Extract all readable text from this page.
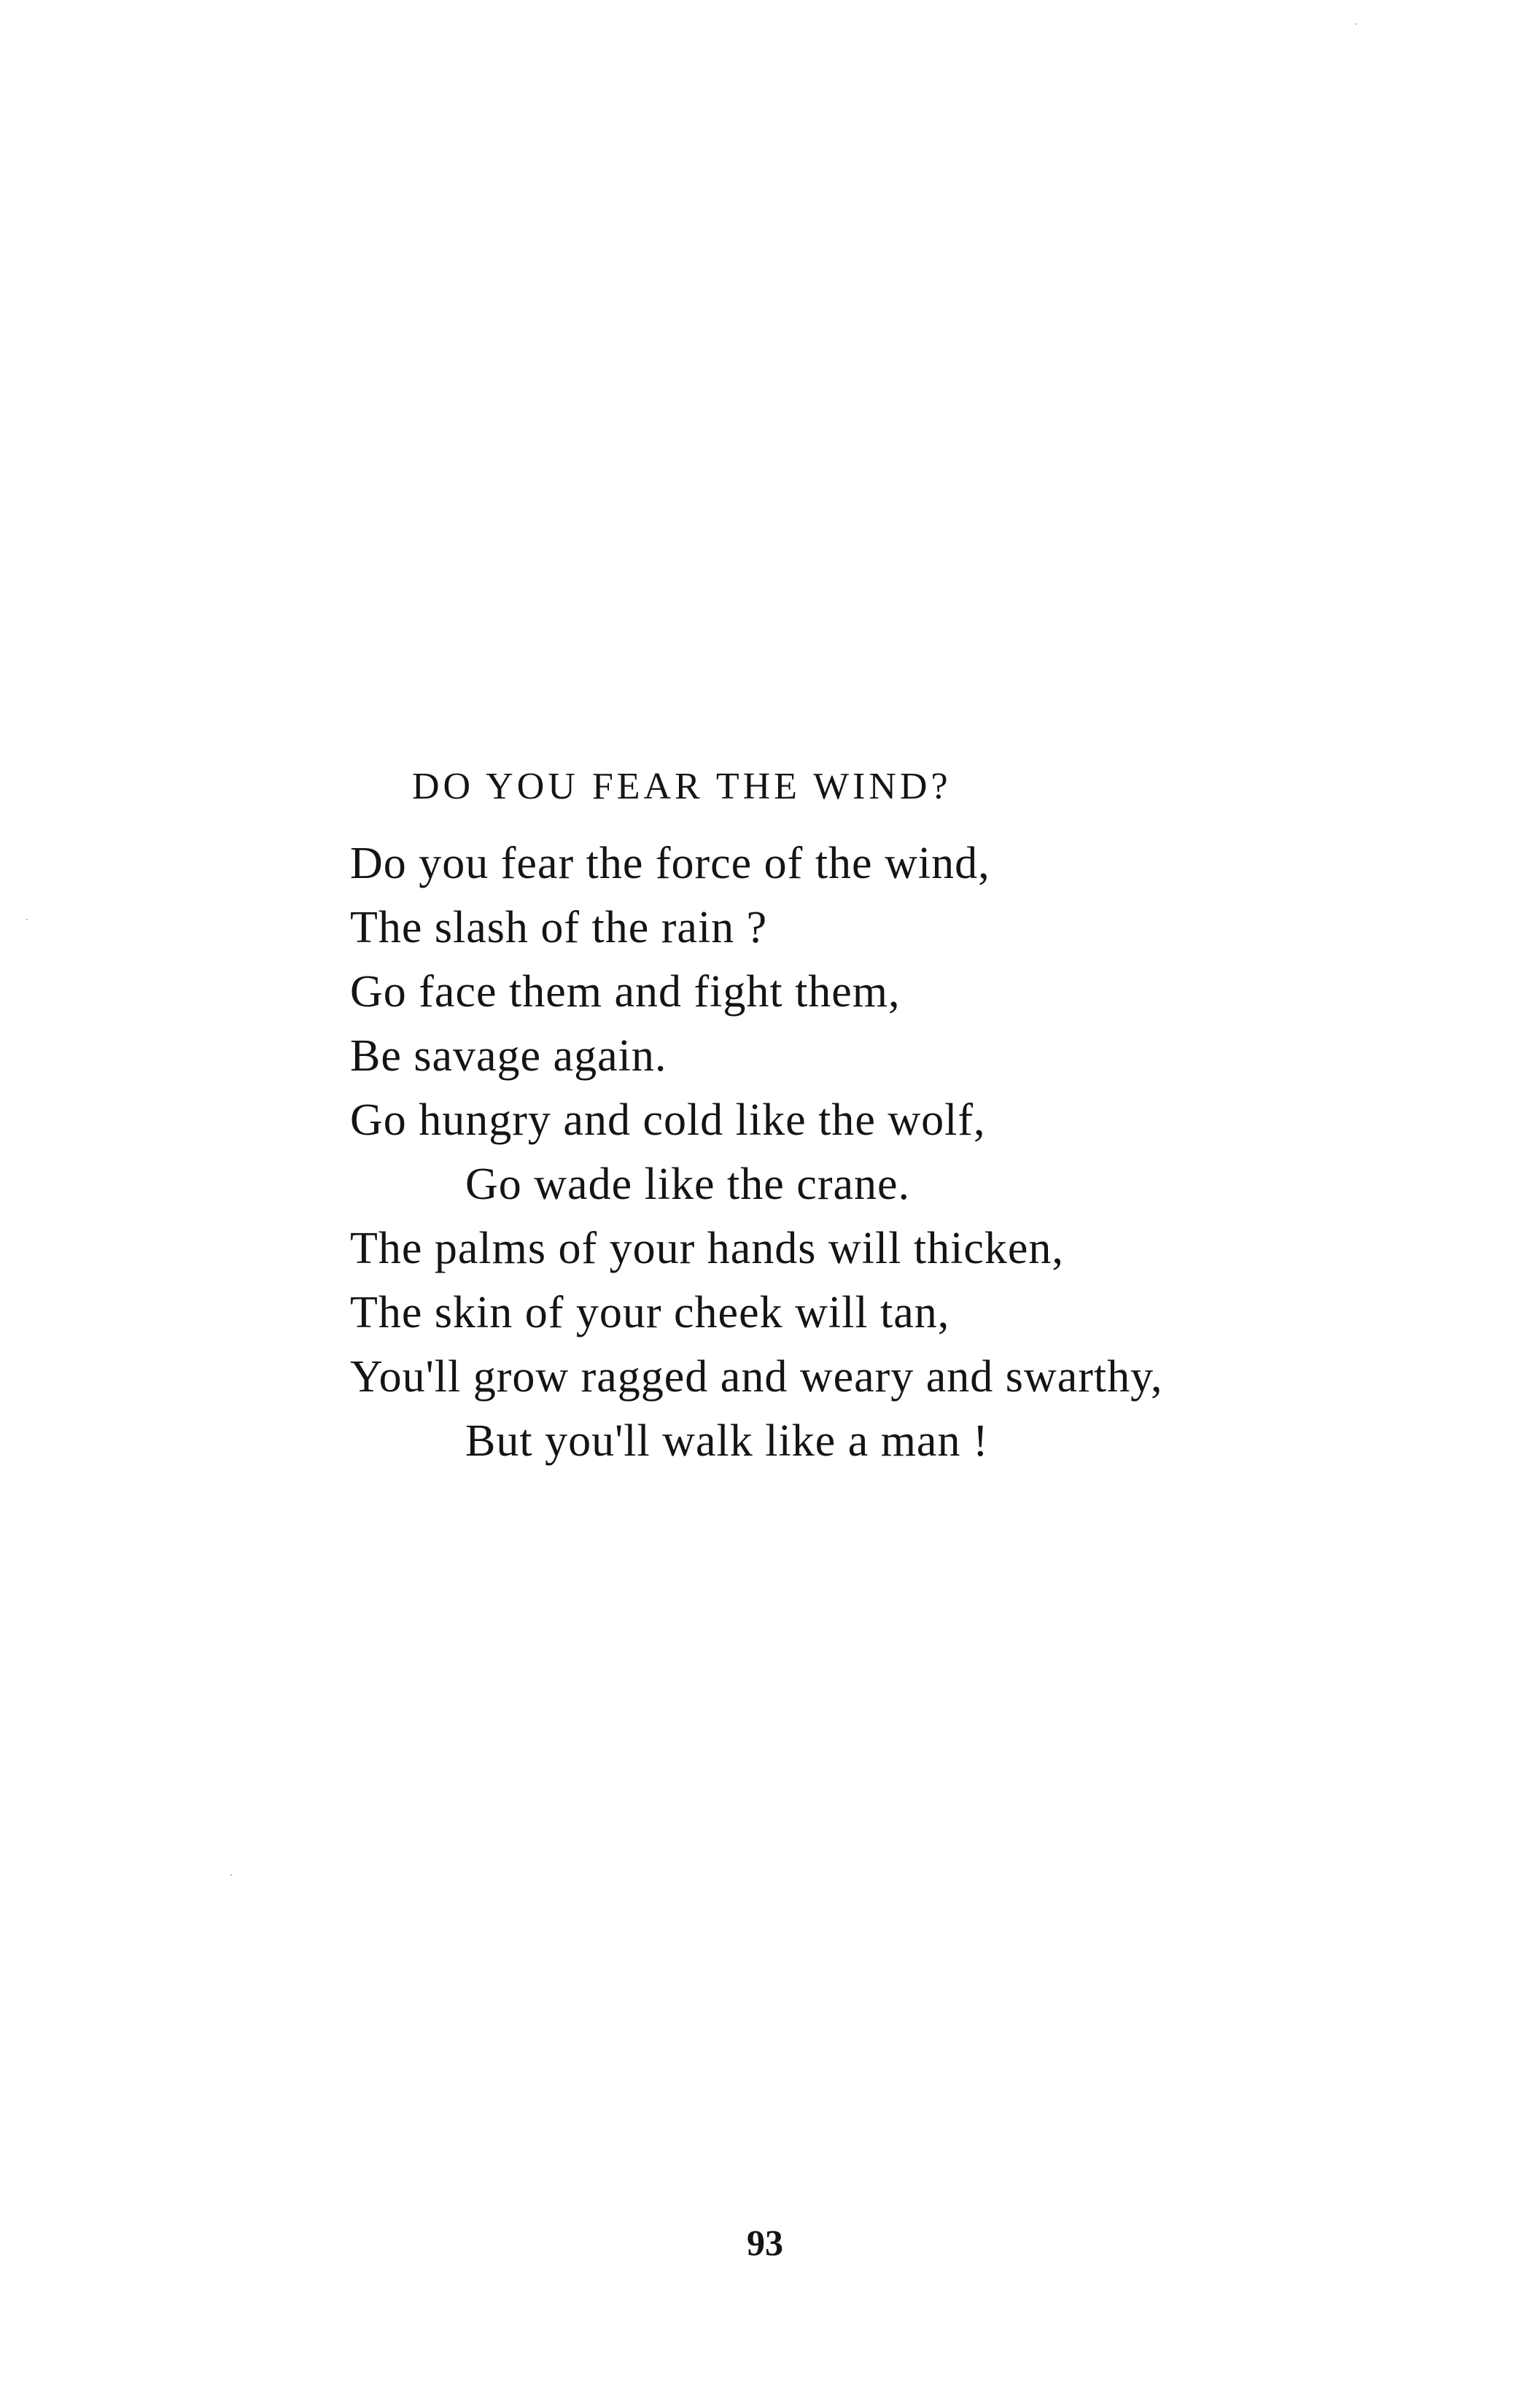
DO YOU FEAR THE WIND?
Do you fear the force of the wind,
The slash of the rain ?
Go face them and fight them,
Be savage again.
Go hungry and cold like the wolf,
Go wade like the crane.
The palms of your hands will thicken,
The skin of your cheek will tan,
You'll grow ragged and weary and swarthy,
But you'll walk like a man !
93
